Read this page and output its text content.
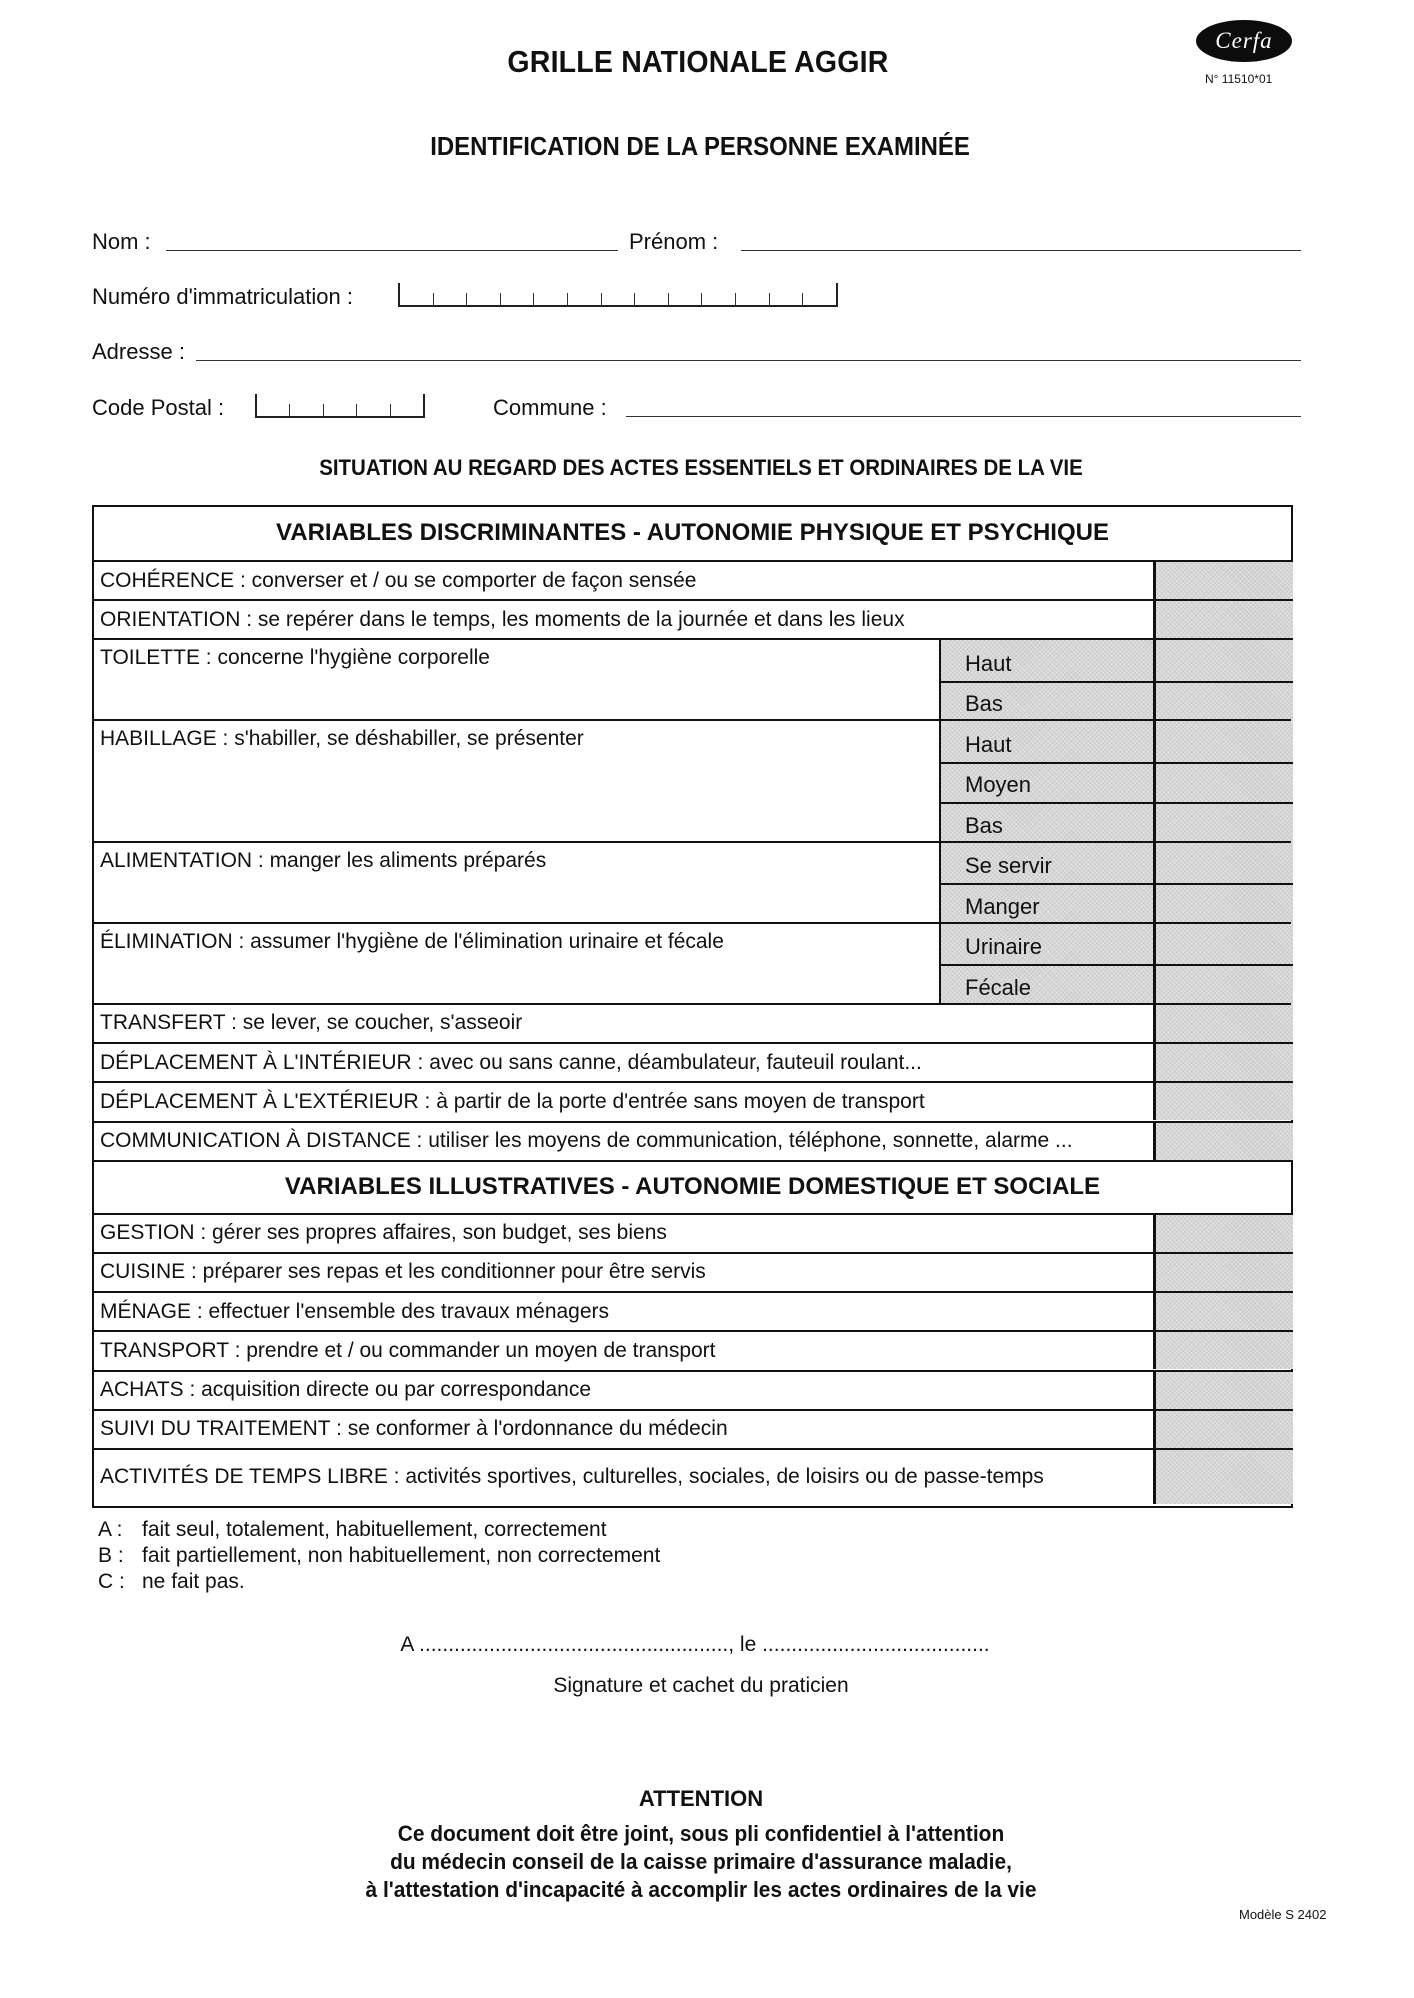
GRILLE NATIONALE AGGIR
Cerfa
N° 11510*01
IDENTIFICATION DE LA PERSONNE EXAMINÉE
Nom :	Prénom :
Numéro d'immatriculation :
Adresse :
Code Postal :	Commune :
SITUATION AU REGARD DES ACTES ESSENTIELS ET ORDINAIRES DE LA VIE
VARIABLES DISCRIMINANTES - AUTONOMIE PHYSIQUE ET PSYCHIQUE
COHÉRENCE : converser et / ou se comporter de façon sensée
ORIENTATION : se repérer dans le temps, les moments de la journée et dans les lieux
TOILETTE : concerne l'hygiène corporelle	Haut
Bas
HABILLAGE : s'habiller, se déshabiller, se présenter	Haut
Moyen
Bas
ALIMENTATION : manger les aliments préparés	Se servir
Manger
ÉLIMINATION : assumer l'hygiène de l'élimination urinaire et fécale	Urinaire
Fécale
TRANSFERT : se lever, se coucher, s'asseoir
DÉPLACEMENT À L'INTÉRIEUR : avec ou sans canne, déambulateur, fauteuil roulant...
DÉPLACEMENT À L'EXTÉRIEUR : à partir de la porte d'entrée sans moyen de transport
COMMUNICATION À DISTANCE : utiliser les moyens de communication, téléphone, sonnette, alarme ...
VARIABLES ILLUSTRATIVES - AUTONOMIE DOMESTIQUE ET SOCIALE
GESTION : gérer ses propres affaires, son budget, ses biens
CUISINE : préparer ses repas et les conditionner pour être servis
MÉNAGE : effectuer l'ensemble des travaux ménagers
TRANSPORT : prendre et / ou commander un moyen de transport
ACHATS : acquisition directe ou par correspondance
SUIVI DU TRAITEMENT : se conformer à l'ordonnance du médecin
ACTIVITÉS DE TEMPS LIBRE : activités sportives, culturelles, sociales, de loisirs ou de passe-temps
A : fait seul, totalement, habituellement, correctement
B : fait partiellement, non habituellement, non correctement
C : ne fait pas.
A ....................................................., le .......................................
Signature et cachet du praticien
ATTENTION
Ce document doit être joint, sous pli confidentiel à l'attention
du médecin conseil de la caisse primaire d'assurance maladie,
à l'attestation d'incapacité à accomplir les actes ordinaires de la vie
Modèle S 2402
